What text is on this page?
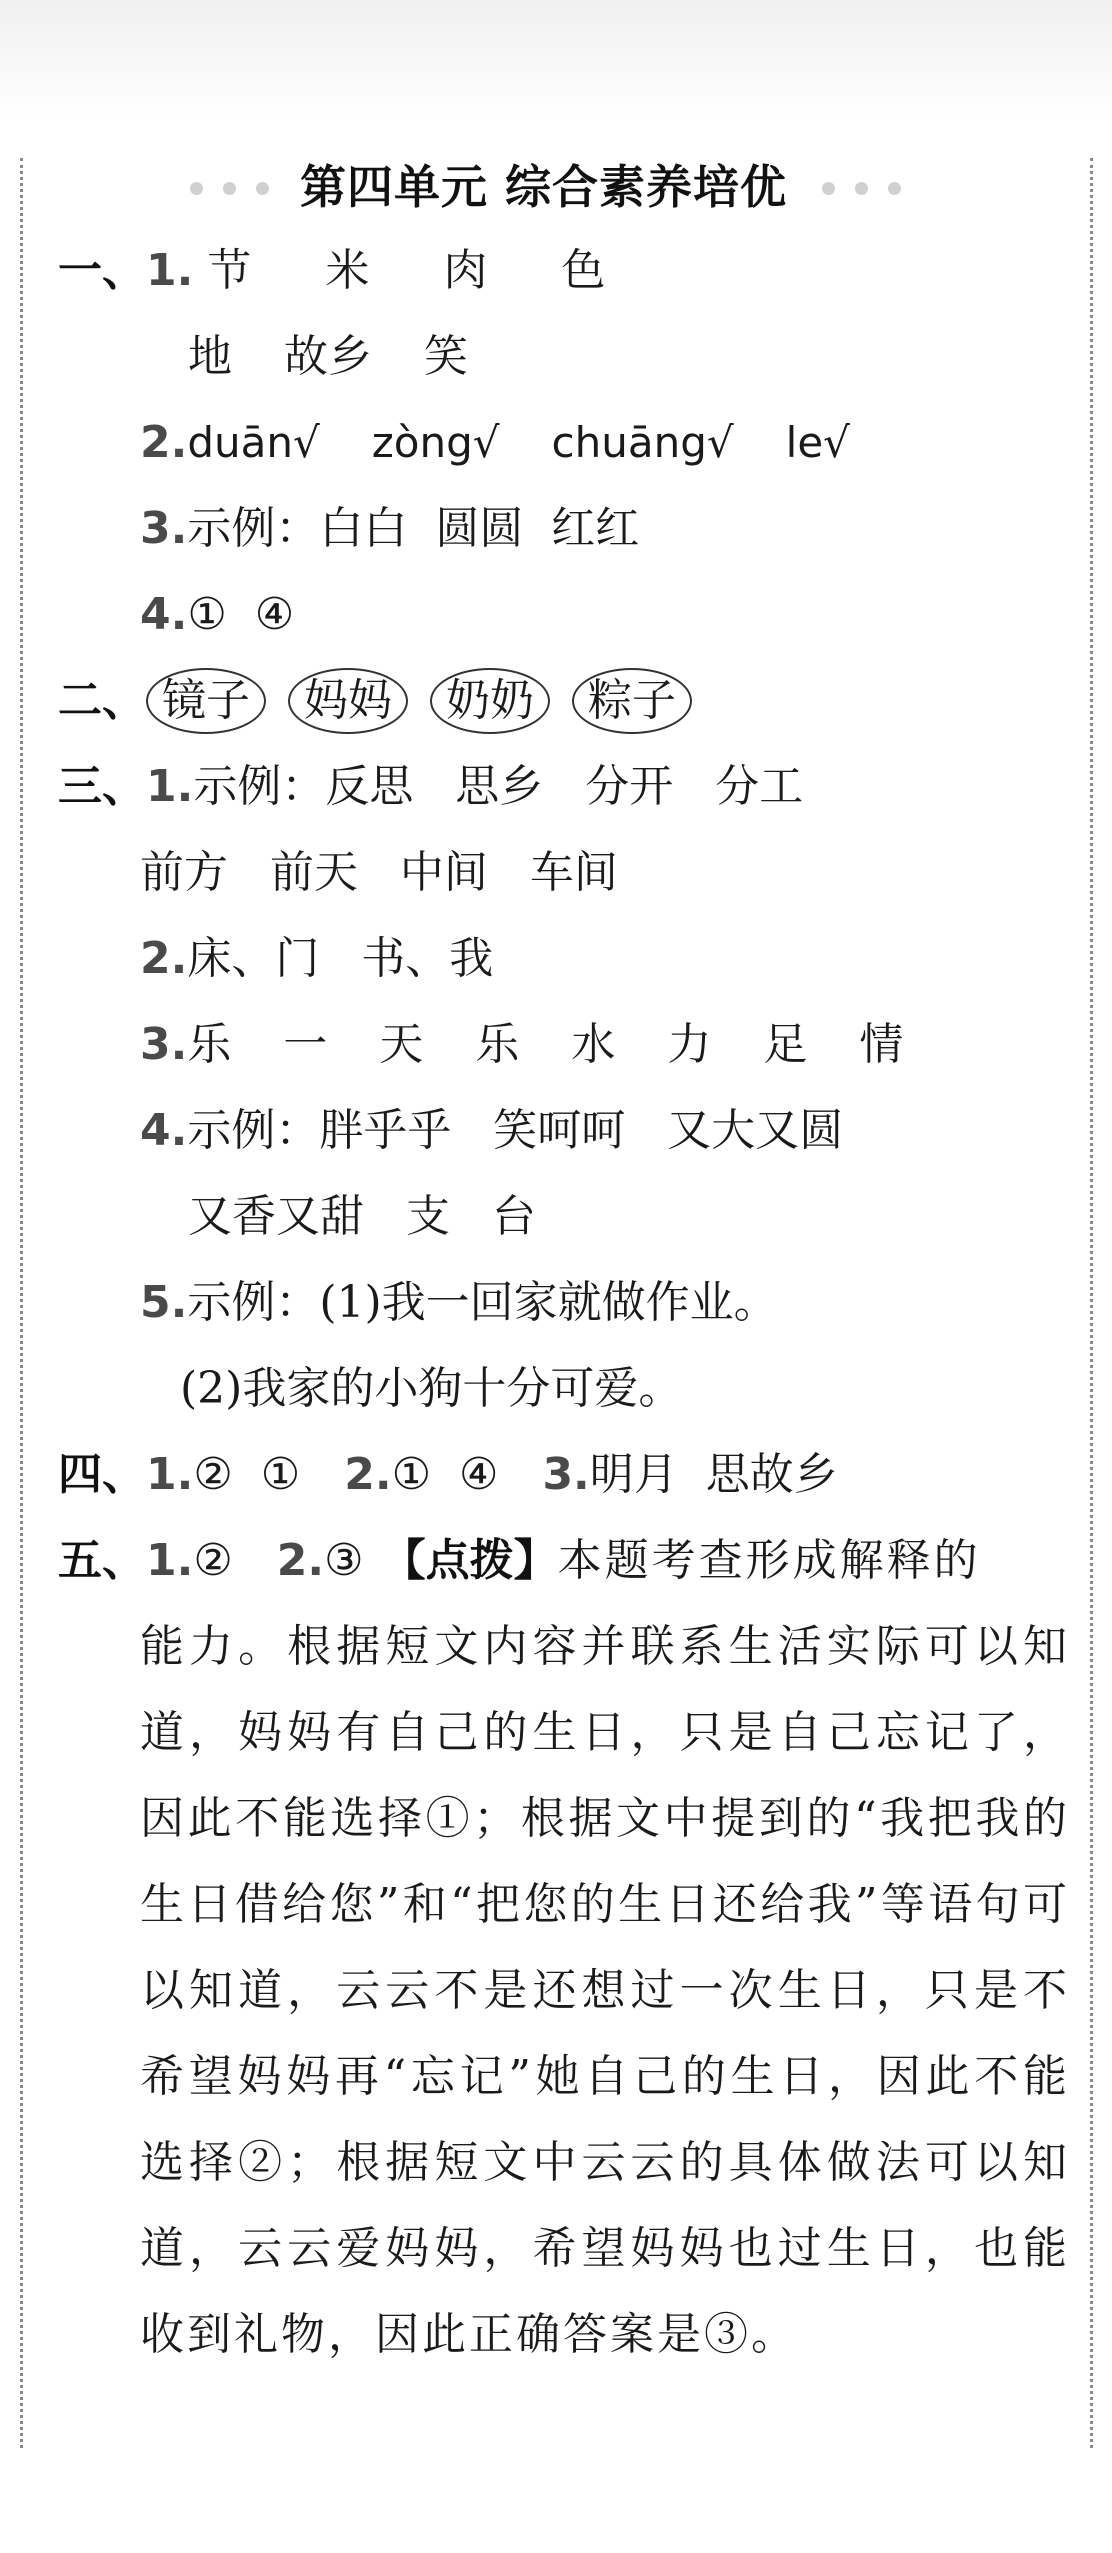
第四单元 综合素养培优
一、1. 节 米 肉 色
地 故乡 笑
2.duān√ zòng√ chuāng√ le√
3.示例：白白  圆圆  红红
4.①  ④
二、 镜子 妈妈 奶奶 粽子
三、1.示例：反思   思乡   分开   分工
前方   前天   中间   车间
2.床、门   书、我
3.乐 一 天 乐 水 力 足 情
4.示例：胖乎乎   笑呵呵   又大又圆
又香又甜   支   台
5.示例：(1)我一回家就做作业。
(2)我家的小狗十分可爱。
四、1.②  ① 2.①  ④ 3.明月  思故乡
五、1.② 2.③ 【点拨】本题考查形成解释的
能力。根据短文内容并联系生活实际可以知道，妈妈有自己的生日，只是自己忘记了，因此不能选择①；根据文中提到的“我把我的生日借给您”和“把您的生日还给我”等语句可以知道，云云不是还想过一次生日，只是不希望妈妈再“忘记”她自己的生日，因此不能选择②；根据短文中云云的具体做法可以知道，云云爱妈妈，希望妈妈也过生日，也能收到礼物，因此正确答案是③。
